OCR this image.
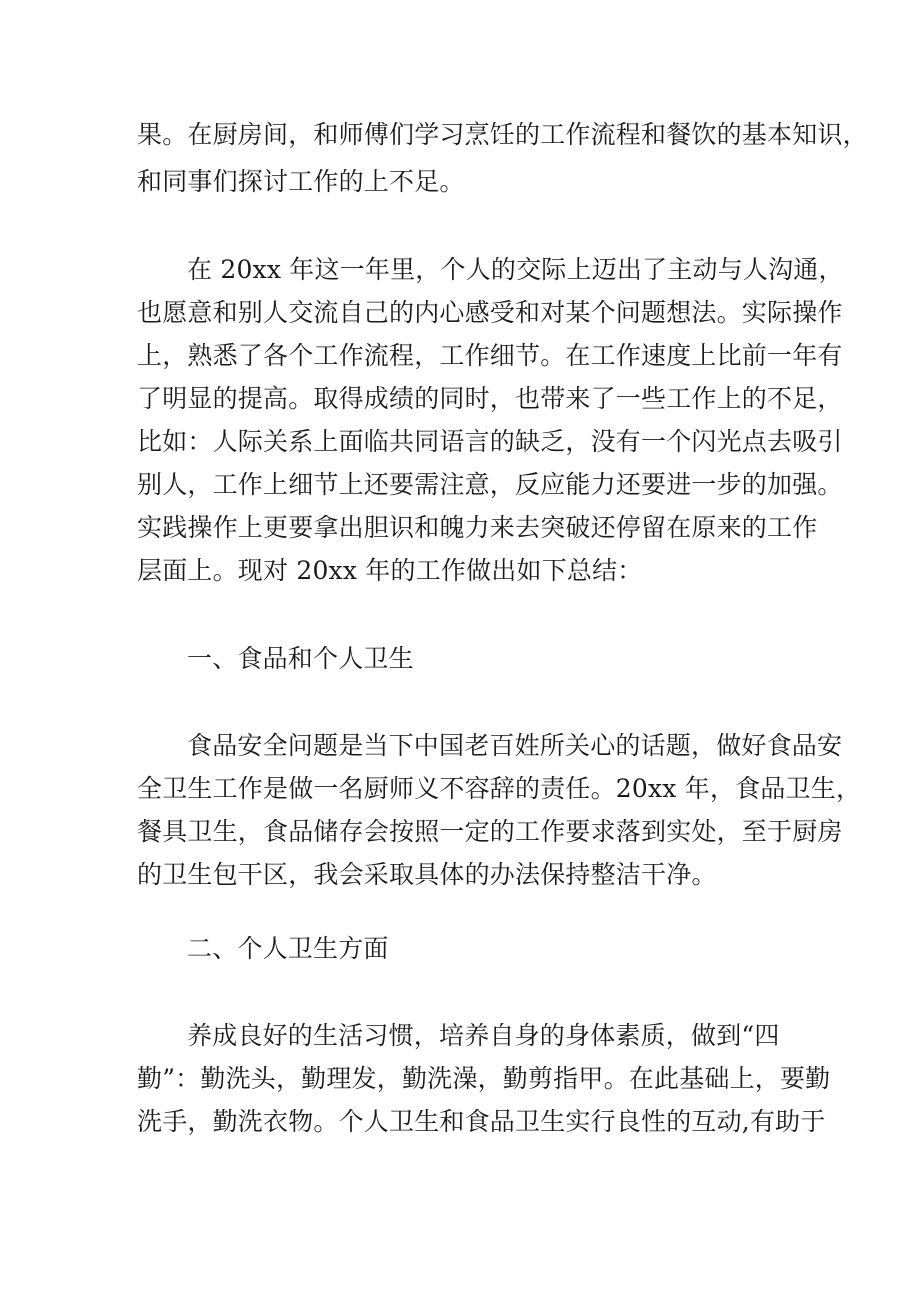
果。在厨房间，和师傅们学习烹饪的工作流程和餐饮的基本知识，
和同事们探讨工作的上不足。
在 20xx 年这一年里，个人的交际上迈出了主动与人沟通，
也愿意和别人交流自己的内心感受和对某个问题想法。实际操作
上，熟悉了各个工作流程，工作细节。在工作速度上比前一年有
了明显的提高。取得成绩的同时，也带来了一些工作上的不足，
比如：人际关系上面临共同语言的缺乏，没有一个闪光点去吸引
别人，工作上细节上还要需注意，反应能力还要进一步的加强。
实践操作上更要拿出胆识和魄力来去突破还停留在原来的工作
层面上。现对 20xx 年的工作做出如下总结：
一、食品和个人卫生
食品安全问题是当下中国老百姓所关心的话题，做好食品安
全卫生工作是做一名厨师义不容辞的责任。20xx 年，食品卫生，
餐具卫生，食品储存会按照一定的工作要求落到实处，至于厨房
的卫生包干区，我会采取具体的办法保持整洁干净。
二、个人卫生方面
养成良好的生活习惯，培养自身的身体素质，做到“四
勤”：勤洗头，勤理发，勤洗澡，勤剪指甲。在此基础上，要勤
洗手，勤洗衣物。个人卫生和食品卫生实行良性的互动,有助于
